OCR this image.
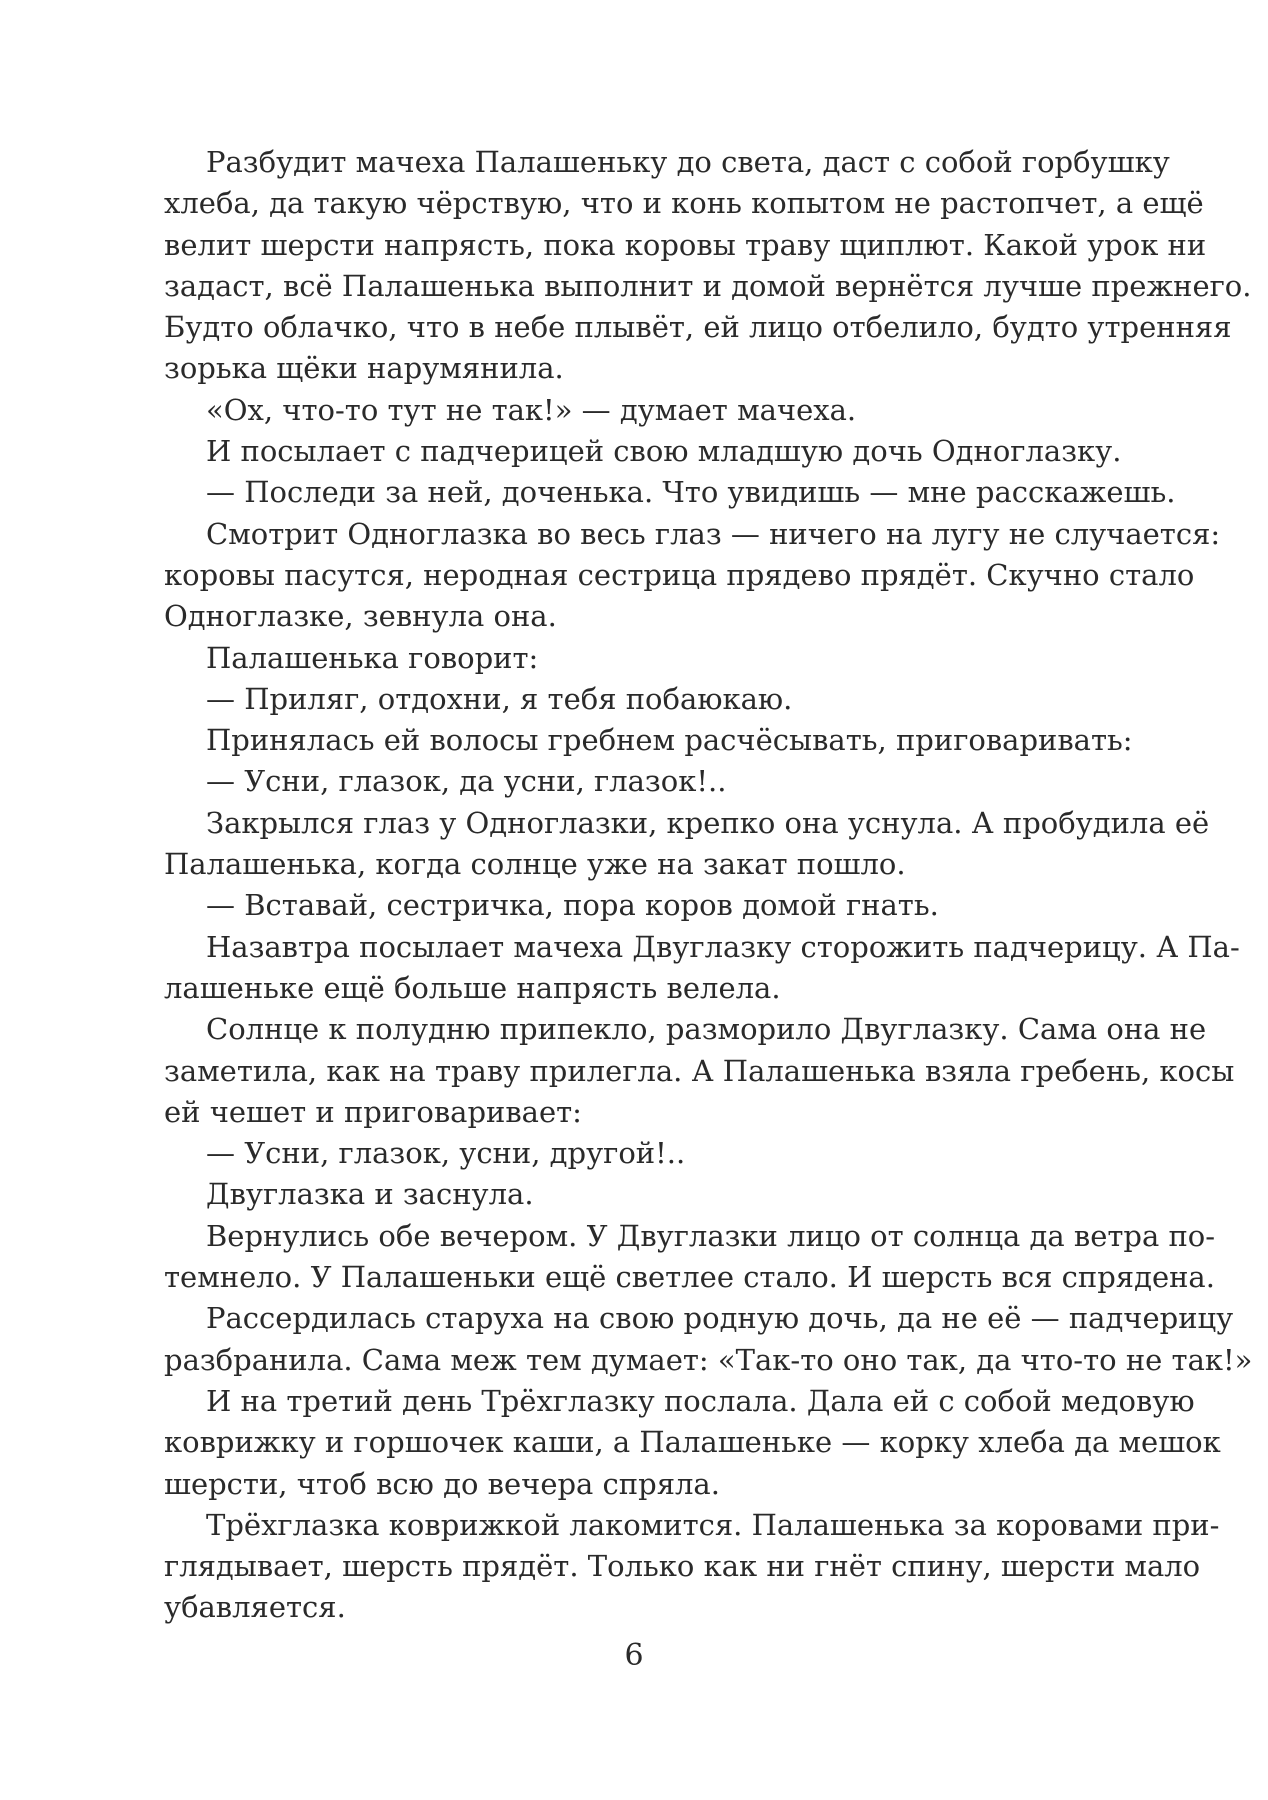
Разбудит мачеха Палашеньку до света, даст с собой горбушку
хлеба, да такую чёрствую, что и конь копытом не растопчет, а ещё
велит шерсти напрясть, пока коровы траву щиплют. Какой урок ни
задаст, всё Палашенька выполнит и домой вернётся лучше прежнего.
Будто облачко, что в небе плывёт, ей лицо отбелило, будто утренняя
зорька щёки нарумянила.
«Ох, что-то тут не так!» — думает мачеха.
И посылает с падчерицей свою младшую дочь Одноглазку.
— Последи за ней, доченька. Что увидишь — мне расскажешь.
Смотрит Одноглазка во весь глаз — ничего на лугу не случается:
коровы пасутся, неродная сестрица прядево прядёт. Скучно стало
Одноглазке, зевнула она.
Палашенька говорит:
— Приляг, отдохни, я тебя побаюкаю.
Принялась ей волосы гребнем расчёсывать, приговаривать:
— Усни, глазок, да усни, глазок!..
Закрылся глаз у Одноглазки, крепко она уснула. А пробудила её
Палашенька, когда солнце уже на закат пошло.
— Вставай, сестричка, пора коров домой гнать.
Назавтра посылает мачеха Двуглазку сторожить падчерицу. А Па-
лашеньке ещё больше напрясть велела.
Солнце к полудню припекло, разморило Двуглазку. Сама она не
заметила, как на траву прилегла. А Палашенька взяла гребень, косы
ей чешет и приговаривает:
— Усни, глазок, усни, другой!..
Двуглазка и заснула.
Вернулись обе вечером. У Двуглазки лицо от солнца да ветра по-
темнело. У Палашеньки ещё светлее стало. И шерсть вся спрядена.
Рассердилась старуха на свою родную дочь, да не её — падчерицу
разбранила. Сама меж тем думает: «Так-то оно так, да что-то не так!»
И на третий день Трёхглазку послала. Дала ей с собой медовую
коврижку и горшочек каши, а Палашеньке — корку хлеба да мешок
шерсти, чтоб всю до вечера спряла.
Трёхглазка коврижкой лакомится. Палашенька за коровами при-
глядывает, шерсть прядёт. Только как ни гнёт спину, шерсти мало
убавляется.
6
